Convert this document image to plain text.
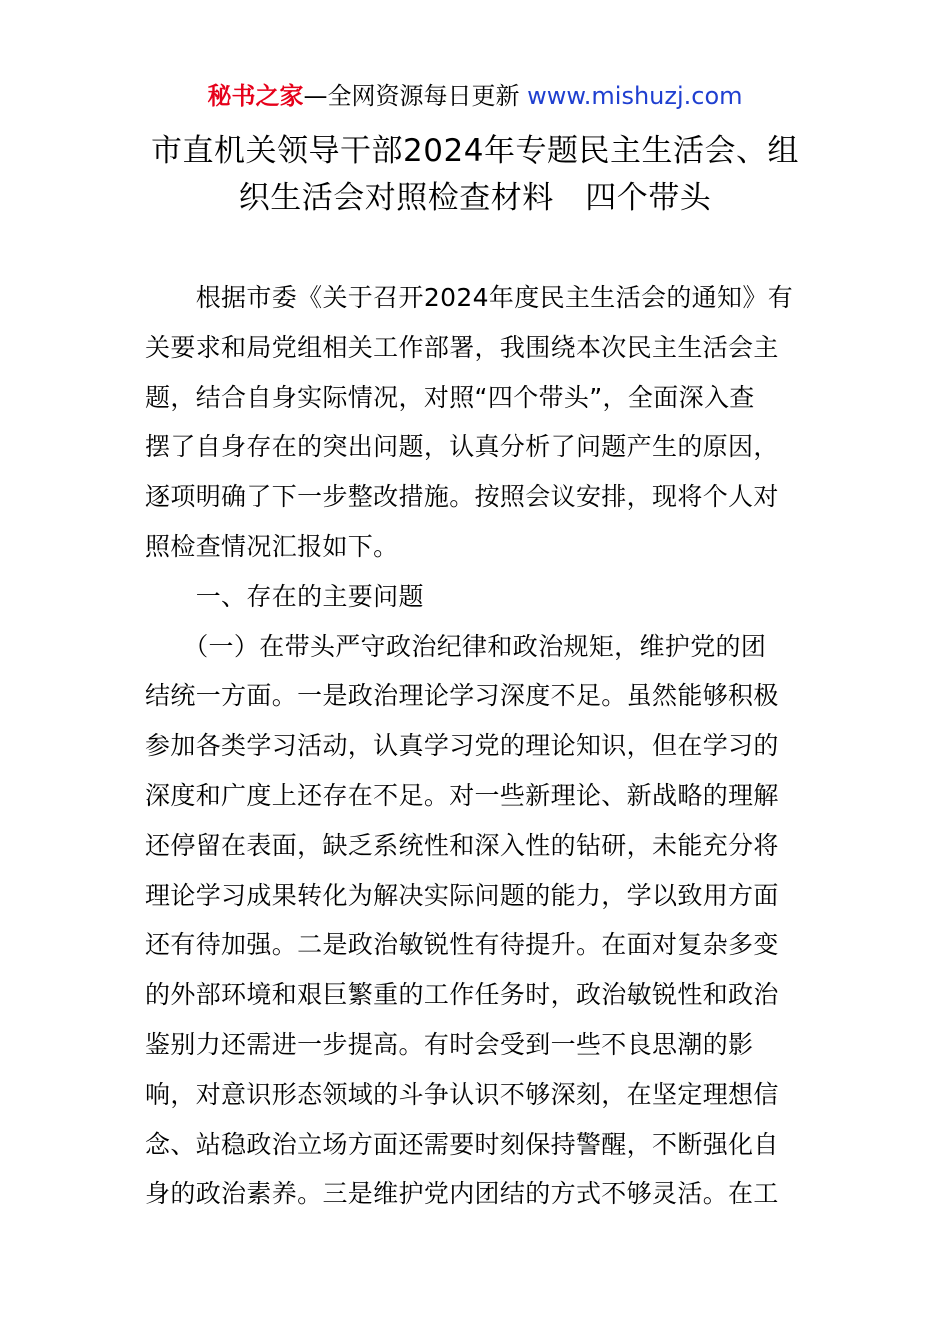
秘书之家—全网资源每日更新 www.mishuzj.com
市直机关领导干部2024年专题民主生活会、组
织生活会对照检查材料　四个带头
　　根据市委《关于召开2024年度民主生活会的通知》有
关要求和局党组相关工作部署，我围绕本次民主生活会主
题，结合自身实际情况，对照“四个带头”，全面深入查
摆了自身存在的突出问题，认真分析了问题产生的原因，
逐项明确了下一步整改措施。按照会议安排，现将个人对
照检查情况汇报如下。
　　一、存在的主要问题
　　（一）在带头严守政治纪律和政治规矩，维护党的团
结统一方面。一是政治理论学习深度不足。虽然能够积极
参加各类学习活动，认真学习党的理论知识，但在学习的
深度和广度上还存在不足。对一些新理论、新战略的理解
还停留在表面，缺乏系统性和深入性的钻研，未能充分将
理论学习成果转化为解决实际问题的能力，学以致用方面
还有待加强。二是政治敏锐性有待提升。在面对复杂多变
的外部环境和艰巨繁重的工作任务时，政治敏锐性和政治
鉴别力还需进一步提高。有时会受到一些不良思潮的影
响，对意识形态领域的斗争认识不够深刻，在坚定理想信
念、站稳政治立场方面还需要时刻保持警醒，不断强化自
身的政治素养。三是维护党内团结的方式不够灵活。在工
